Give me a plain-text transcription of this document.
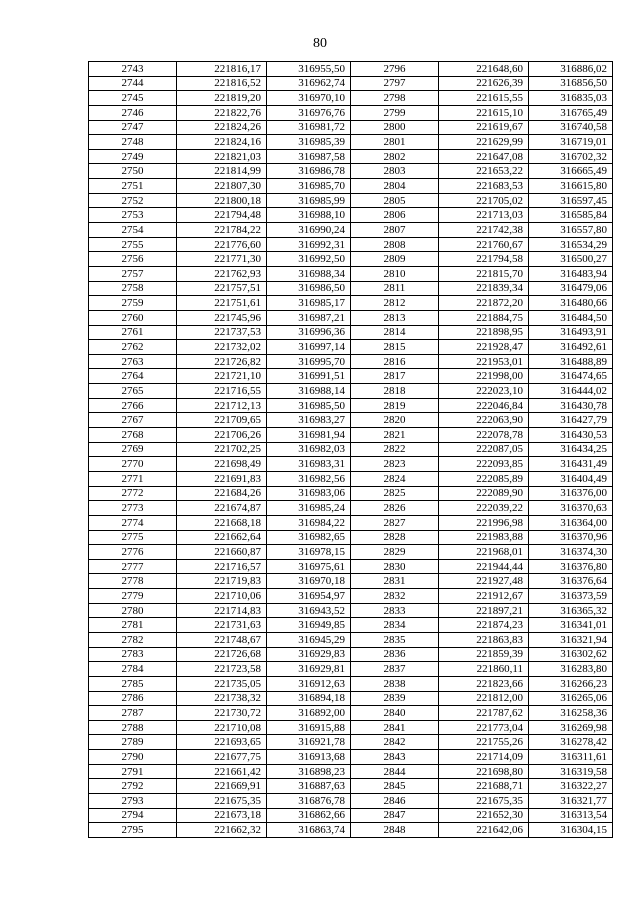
80
2743	221816,17	316955,50	2796	221648,60	316886,02
2744	221816,52	316962,74	2797	221626,39	316856,50
2745	221819,20	316970,10	2798	221615,55	316835,03
2746	221822,76	316976,76	2799	221615,10	316765,49
2747	221824,26	316981,72	2800	221619,67	316740,58
2748	221824,16	316985,39	2801	221629,99	316719,01
2749	221821,03	316987,58	2802	221647,08	316702,32
2750	221814,99	316986,78	2803	221653,22	316665,49
2751	221807,30	316985,70	2804	221683,53	316615,80
2752	221800,18	316985,99	2805	221705,02	316597,45
2753	221794,48	316988,10	2806	221713,03	316585,84
2754	221784,22	316990,24	2807	221742,38	316557,80
2755	221776,60	316992,31	2808	221760,67	316534,29
2756	221771,30	316992,50	2809	221794,58	316500,27
2757	221762,93	316988,34	2810	221815,70	316483,94
2758	221757,51	316986,50	2811	221839,34	316479,06
2759	221751,61	316985,17	2812	221872,20	316480,66
2760	221745,96	316987,21	2813	221884,75	316484,50
2761	221737,53	316996,36	2814	221898,95	316493,91
2762	221732,02	316997,14	2815	221928,47	316492,61
2763	221726,82	316995,70	2816	221953,01	316488,89
2764	221721,10	316991,51	2817	221998,00	316474,65
2765	221716,55	316988,14	2818	222023,10	316444,02
2766	221712,13	316985,50	2819	222046,84	316430,78
2767	221709,65	316983,27	2820	222063,90	316427,79
2768	221706,26	316981,94	2821	222078,78	316430,53
2769	221702,25	316982,03	2822	222087,05	316434,25
2770	221698,49	316983,31	2823	222093,85	316431,49
2771	221691,83	316982,56	2824	222085,89	316404,49
2772	221684,26	316983,06	2825	222089,90	316376,00
2773	221674,87	316985,24	2826	222039,22	316370,63
2774	221668,18	316984,22	2827	221996,98	316364,00
2775	221662,64	316982,65	2828	221983,88	316370,96
2776	221660,87	316978,15	2829	221968,01	316374,30
2777	221716,57	316975,61	2830	221944,44	316376,80
2778	221719,83	316970,18	2831	221927,48	316376,64
2779	221710,06	316954,97	2832	221912,67	316373,59
2780	221714,83	316943,52	2833	221897,21	316365,32
2781	221731,63	316949,85	2834	221874,23	316341,01
2782	221748,67	316945,29	2835	221863,83	316321,94
2783	221726,68	316929,83	2836	221859,39	316302,62
2784	221723,58	316929,81	2837	221860,11	316283,80
2785	221735,05	316912,63	2838	221823,66	316266,23
2786	221738,32	316894,18	2839	221812,00	316265,06
2787	221730,72	316892,00	2840	221787,62	316258,36
2788	221710,08	316915,88	2841	221773,04	316269,98
2789	221693,65	316921,78	2842	221755,26	316278,42
2790	221677,75	316913,68	2843	221714,09	316311,61
2791	221661,42	316898,23	2844	221698,80	316319,58
2792	221669,91	316887,63	2845	221688,71	316322,27
2793	221675,35	316876,78	2846	221675,35	316321,77
2794	221673,18	316862,66	2847	221652,30	316313,54
2795	221662,32	316863,74	2848	221642,06	316304,15
